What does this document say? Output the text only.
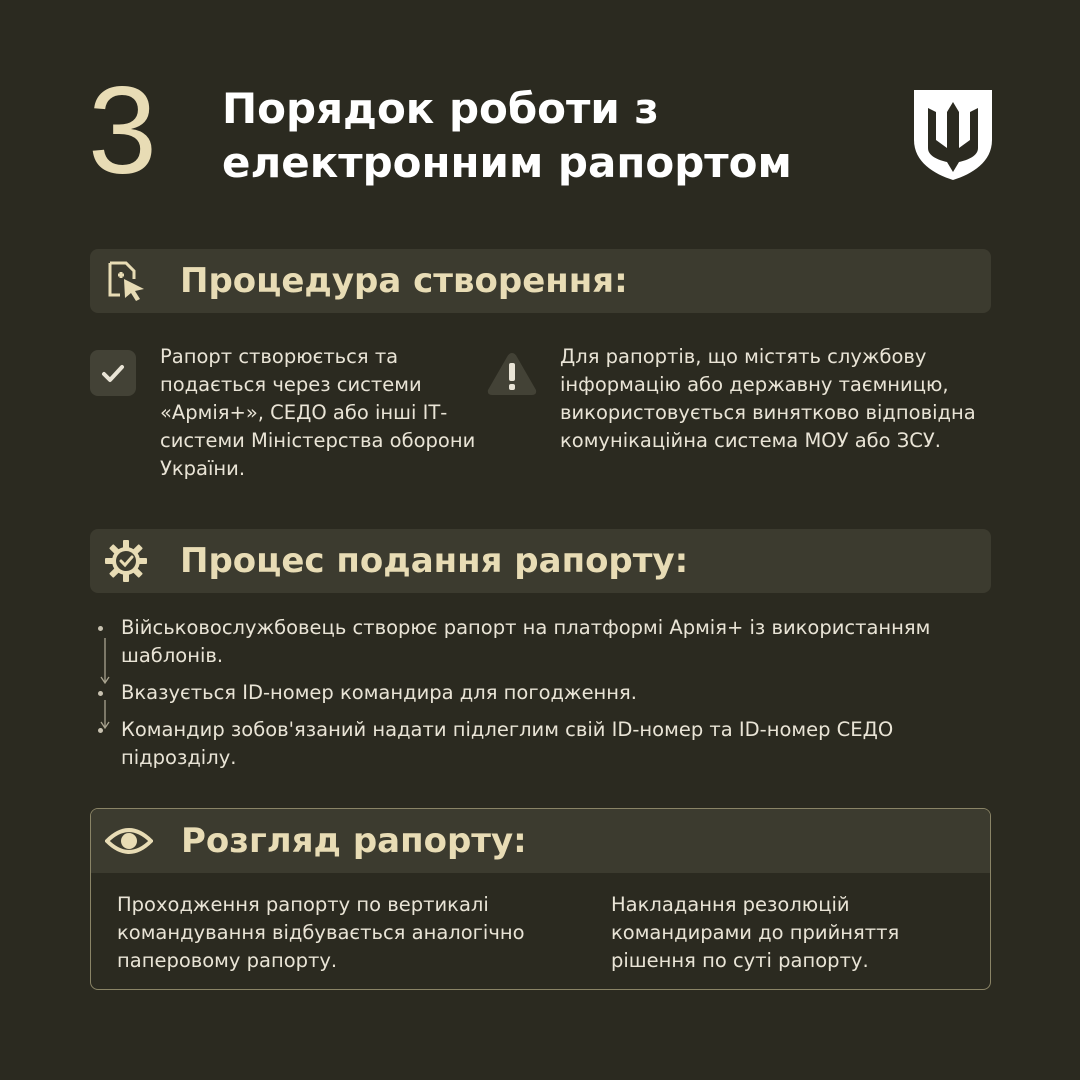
3 Порядок роботи з
електронним рапортом
Процедура створення:
Рапорт створюється та подається через системи «Армія+», СЕДО або інші ІТ-системи Міністерства оборони України.
Для рапортів, що містять службову інформацію або державну таємницю, використовується винятково відповідна комунікаційна система МОУ або ЗСУ.
Процес подання рапорту:
Військовослужбовець створює рапорт на платформі Армія+ із використанням шаблонів.
Вказується ID-номер командира для погодження.
Командир зобов'язаний надати підлеглим свій ID-номер та ID-номер СЕДО підрозділу.
Розгляд рапорту:
Проходження рапорту по вертикалі командування відбувається аналогічно паперовому рапорту.
Накладання резолюцій командирами до прийняття рішення по суті рапорту.
